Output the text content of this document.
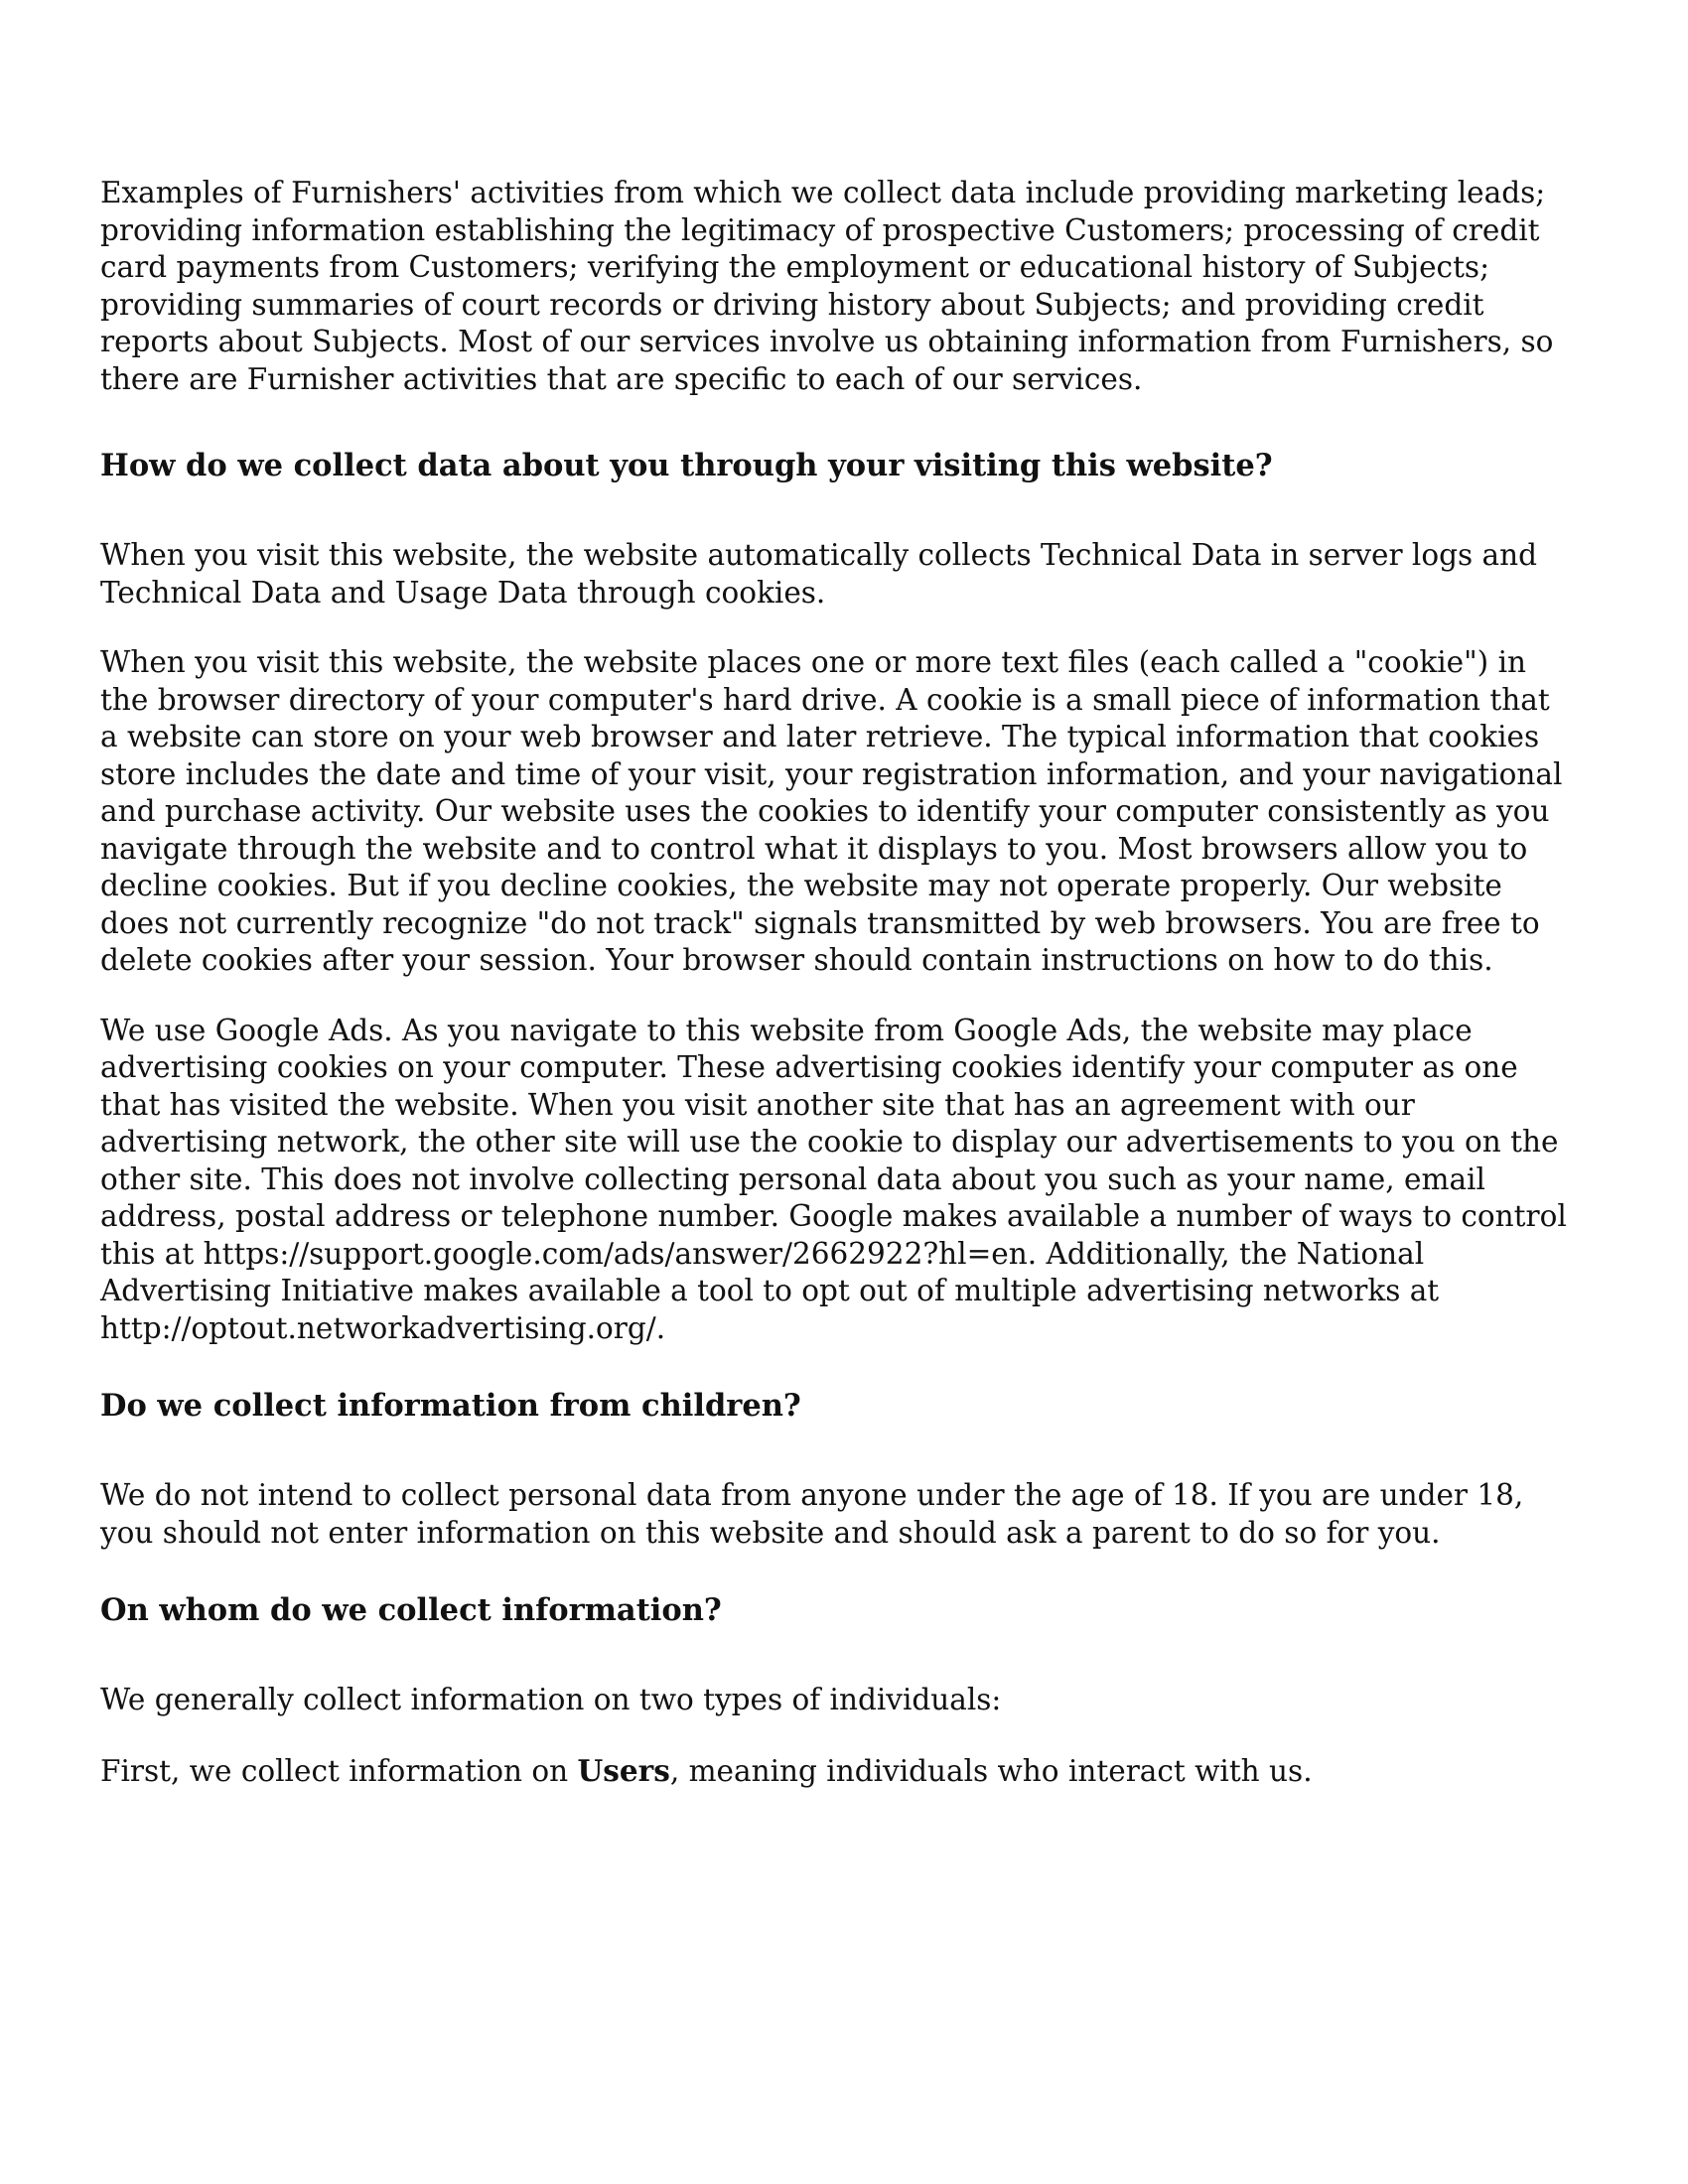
Examples of Furnishers' activities from which we collect data include providing marketing leads; providing information establishing the legitimacy of prospective Customers; processing of credit card payments from Customers; verifying the employment or educational history of Subjects; providing summaries of court records or driving history about Subjects; and providing credit reports about Subjects. Most of our services involve us obtaining information from Furnishers, so there are Furnisher activities that are specific to each of our services.

How do we collect data about you through your visiting this website?

When you visit this website, the website automatically collects Technical Data in server logs and Technical Data and Usage Data through cookies.

When you visit this website, the website places one or more text files (each called a "cookie") in the browser directory of your computer's hard drive. A cookie is a small piece of information that a website can store on your web browser and later retrieve. The typical information that cookies store includes the date and time of your visit, your registration information, and your navigational and purchase activity. Our website uses the cookies to identify your computer consistently as you navigate through the website and to control what it displays to you. Most browsers allow you to decline cookies. But if you decline cookies, the website may not operate properly. Our website does not currently recognize "do not track" signals transmitted by web browsers. You are free to delete cookies after your session. Your browser should contain instructions on how to do this.

We use Google Ads. As you navigate to this website from Google Ads, the website may place advertising cookies on your computer. These advertising cookies identify your computer as one that has visited the website. When you visit another site that has an agreement with our advertising network, the other site will use the cookie to display our advertisements to you on the other site. This does not involve collecting personal data about you such as your name, email address, postal address or telephone number. Google makes available a number of ways to control this at https://support.google.com/ads/answer/2662922?hl=en. Additionally, the National Advertising Initiative makes available a tool to opt out of multiple advertising networks at http://optout.networkadvertising.org/.

Do we collect information from children?

We do not intend to collect personal data from anyone under the age of 18. If you are under 18, you should not enter information on this website and should ask a parent to do so for you.

On whom do we collect information?

We generally collect information on two types of individuals:

First, we collect information on Users, meaning individuals who interact with us.
